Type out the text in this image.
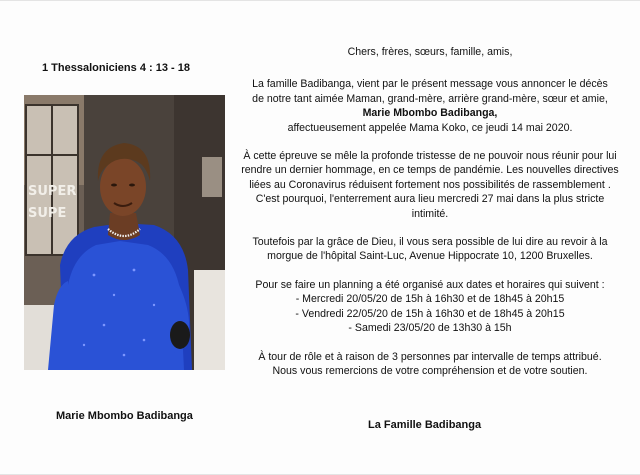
1 Thessaloniciens 4 : 13 - 18
SUPER
SUPE
Marie Mbombo Badibanga

Chers, frères, sœurs, famille, amis,

La famille Badibanga, vient par le présent message vous annoncer le décès

de notre tant aimée Maman, grand-mère, arrière grand-mère, sœur et amie,

Marie Mbombo Badibanga,

affectueusement appelée Mama Koko, ce jeudi 14 mai 2020.

À cette épreuve se mêle la profonde tristesse de ne pouvoir nous réunir pour lui

rendre un dernier hommage, en ce temps de pandémie. Les nouvelles directives

liées au Coronavirus réduisent fortement nos possibilités de rassemblement .

C'est pourquoi, l'enterrement aura lieu mercredi 27 mai dans la plus stricte

intimité.

Toutefois par la grâce de Dieu, il vous sera possible de lui dire au revoir à la

morgue de l'hôpital Saint-Luc, Avenue Hippocrate 10, 1200 Bruxelles.

Pour se faire un planning a été organisé aux dates et horaires qui suivent :

- Mercredi 20/05/20 de 15h à 16h30 et de 18h45 à 20h15

- Vendredi 22/05/20 de 15h à 16h30 et de 18h45 à 20h15

- Samedi 23/05/20 de 13h30 à 15h

À tour de rôle et à raison de 3 personnes par intervalle de temps attribué.

Nous vous remercions de votre compréhension et de votre soutien.

La Famille Badibanga
